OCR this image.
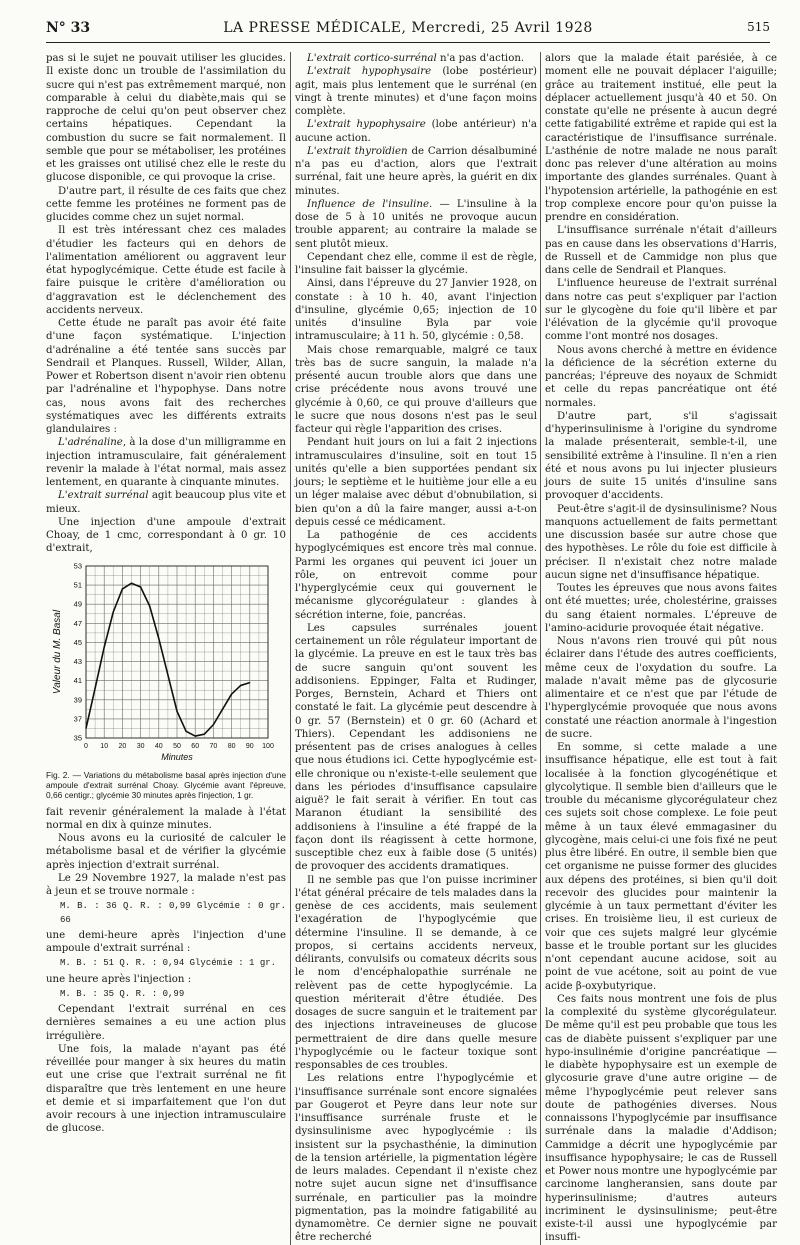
N° 33	LA PRESSE MÉDICALE, Mercredi, 25 Avril 1928	515

pas si le sujet ne pouvait utiliser les glucides. Il existe donc un trouble de l'assimilation du sucre qui n'est pas extrêmement marqué, non comparable à celui du diabète,mais qui se rapproche de celui qu'on peut observer chez certains hépatiques. Cependant la combustion du sucre se fait normalement. Il semble que pour se métaboliser, les protéines et les graisses ont utilisé chez elle le reste du glucose disponible, ce qui provoque la crise.

D'autre part, il résulte de ces faits que chez cette femme les protéines ne forment pas de glucides comme chez un sujet normal.

Il est très intéressant chez ces malades d'étudier les facteurs qui en dehors de l'alimentation améliorent ou aggravent leur état hypoglycémique. Cette étude est facile à faire puisque le critère d'amélioration ou d'aggravation est le déclenchement des accidents nerveux.

Cette étude ne paraît pas avoir été faite d'une façon systématique. L'injection d'adrénaline a été tentée sans succès par Sendrail et Planques. Russell, Wilder, Allan, Power et Robertson disent n'avoir rien obtenu par l'adrénaline et l'hypophyse. Dans notre cas, nous avons fait des recherches systématiques avec les différents extraits glandulaires :

L'adrénaline, à la dose d'un milligramme en injection intramusculaire, fait généralement revenir la malade à l'état normal, mais assez lentement, en quarante à cinquante minutes.

L'extrait surrénal agit beaucoup plus vite et mieux.

Une injection d'une ampoule d'extrait Choay, de 1 cmc, correspondant à 0 gr. 10 d'extrait,

0 10 20 30 40 50 60 70 80 90 100
35
37
39
41
43
45
47
49
51
53
Minutes
Valeur du M. Basal

Fig. 2. — Variations du métabolisme basal après injection d'une ampoule d'extrait surrénal Choay. Glycémie avant l'épreuve, 0,66 centigr.; glycémie 30 minutes après l'injection, 1 gr.

fait revenir généralement la malade à l'état normal en dix à quinze minutes.

Nous avons eu la curiosité de calculer le métabolisme basal et de vérifier la glycémie après injection d'extrait surrénal.

Le 29 Novembre 1927, la malade n'est pas à jeun et se trouve normale :

M. B. : 36 Q. R. : 0,99 Glycémie : 0 gr. 66

une demi-heure après l'injection d'une ampoule d'extrait surrénal :

M. B. : 51 Q. R. : 0,94 Glycémie : 1 gr.

une heure après l'injection :

M. B. : 35 Q. R. : 0,99

Cependant l'extrait surrénal en ces dernières semaines a eu une action plus irrégulière.

Une fois, la malade n'ayant pas été réveillée pour manger à six heures du matin eut une crise que l'extrait surrénal ne fit disparaître que très lentement en une heure et demie et si imparfaitement que l'on dut avoir recours à une injection intramusculaire de glucose.

L'extrait cortico-surrénal n'a pas d'action.

L'extrait hypophysaire (lobe postérieur) agit, mais plus lentement que le surrénal (en vingt à trente minutes) et d'une façon moins complète.

L'extrait hypophysaire (lobe antérieur) n'a aucune action.

L'extrait thyroïdien de Carrion désalbuminé n'a pas eu d'action, alors que l'extrait surrénal, fait une heure après, la guérit en dix minutes.

Influence de l'insuline. — L'insuline à la dose de 5 à 10 unités ne provoque aucun trouble apparent; au contraire la malade se sent plutôt mieux.

Cependant chez elle, comme il est de règle, l'insuline fait baisser la glycémie.

Ainsi, dans l'épreuve du 27 Janvier 1928, on constate : à 10 h. 40, avant l'injection d'insuline, glycémie 0,65; injection de 10 unités d'insuline Byla par voie intramusculaire; à 11 h. 50, glycémie : 0,58.

Mais chose remarquable, malgré ce taux très bas de sucre sanguin, la malade n'a présenté aucun trouble alors que dans une crise précédente nous avons trouvé une glycémie à 0,60, ce qui prouve d'ailleurs que le sucre que nous dosons n'est pas le seul facteur qui règle l'apparition des crises.

Pendant huit jours on lui a fait 2 injections intramusculaires d'insuline, soit en tout 15 unités qu'elle a bien supportées pendant six jours; le septième et le huitième jour elle a eu un léger malaise avec début d'obnubilation, si bien qu'on a dû la faire manger, aussi a-t-on depuis cessé ce médicament.

La pathogénie de ces accidents hypoglycémiques est encore très mal connue. Parmi les organes qui peuvent ici jouer un rôle, on entrevoit comme pour l'hyperglycémie ceux qui gouvernent le mécanisme glycorégulateur : glandes à sécrétion interne, foie, pancréas.

Les capsules surrénales jouent certainement un rôle régulateur important de la glycémie. La preuve en est le taux très bas de sucre sanguin qu'ont souvent les addisoniens. Eppinger, Falta et Rudinger, Porges, Bernstein, Achard et Thiers ont constaté le fait. La glycémie peut descendre à 0 gr. 57 (Bernstein) et 0 gr. 60 (Achard et Thiers). Cependant les addisoniens ne présentent pas de crises analogues à celles que nous étudions ici. Cette hypoglycémie est-elle chronique ou n'existe-t-elle seulement que dans les périodes d'insuffisance capsulaire aiguë? le fait serait à vérifier. En tout cas Maranon étudiant la sensibilité des addisoniens à l'insuline a été frappé de la façon dont ils réagissent à cette hormone, susceptible chez eux à faible dose (5 unités) de provoquer des accidents dramatiques.

Il ne semble pas que l'on puisse incriminer l'état général précaire de tels malades dans la genèse de ces accidents, mais seulement l'exagération de l'hypoglycémie que détermine l'insuline. Il se demande, à ce propos, si certains accidents nerveux, délirants, convulsifs ou comateux décrits sous le nom d'encéphalopathie surrénale ne relèvent pas de cette hypoglycémie. La question mériterait d'être étudiée. Des dosages de sucre sanguin et le traitement par des injections intraveineuses de glucose permettraient de dire dans quelle mesure l'hypoglycémie ou le facteur toxique sont responsables de ces troubles.

Les relations entre l'hypoglycémie et l'insuffisance surrénale sont encore signalées par Gougerot et Peyre dans leur note sur l'insuffisance surrénale fruste et le dysinsulinisme avec hypoglycémie : ils insistent sur la psychasthénie, la diminution de la tension artérielle, la pigmentation légère de leurs malades. Cependant il n'existe chez notre sujet aucun signe net d'insuffisance surrénale, en particulier pas la moindre pigmentation, pas la moindre fatigabilité au dynamomètre. Ce dernier signe ne pouvait être recherché

alors que la malade était parésiée, à ce moment elle ne pouvait déplacer l'aiguille; grâce au traitement institué, elle peut la déplacer actuellement jusqu'à 40 et 50. On constate qu'elle ne présente à aucun degré cette fatigabilité extrême et rapide qui est la caractéristique de l'insuffisance surrénale. L'asthénie de notre malade ne nous paraît donc pas relever d'une altération au moins importante des glandes surrénales. Quant à l'hypotension artérielle, la pathogénie en est trop complexe encore pour qu'on puisse la prendre en considération.

L'insuffisance surrénale n'était d'ailleurs pas en cause dans les observations d'Harris, de Russell et de Cammidge non plus que dans celle de Sendrail et Planques.

L'influence heureuse de l'extrait surrénal dans notre cas peut s'expliquer par l'action sur le glycogène du foie qu'il libère et par l'élévation de la glycémie qu'il provoque comme l'ont montré nos dosages.

Nous avons cherché à mettre en évidence la déficience de la sécrétion externe du pancréas; l'épreuve des noyaux de Schmidt et celle du repas pancréatique ont été normales.

D'autre part, s'il s'agissait d'hyperinsulinisme à l'origine du syndrome la malade présenterait, semble-t-il, une sensibilité extrême à l'insuline. Il n'en a rien été et nous avons pu lui injecter plusieurs jours de suite 15 unités d'insuline sans provoquer d'accidents.

Peut-être s'agit-il de dysinsulinisme? Nous manquons actuellement de faits permettant une discussion basée sur autre chose que des hypothèses. Le rôle du foie est difficile à préciser. Il n'existait chez notre malade aucun signe net d'insuffisance hépatique.

Toutes les épreuves que nous avons faites ont été muettes; urée, cholestérine, graisses du sang étaient normales. L'épreuve de l'amino-acidurie provoquée était négative.

Nous n'avons rien trouvé qui pût nous éclairer dans l'étude des autres coefficients, même ceux de l'oxydation du soufre. La malade n'avait même pas de glycosurie alimentaire et ce n'est que par l'étude de l'hyperglycémie provoquée que nous avons constaté une réaction anormale à l'ingestion de sucre.

En somme, si cette malade a une insuffisance hépatique, elle est tout à fait localisée à la fonction glycogénétique et glycolytique. Il semble bien d'ailleurs que le trouble du mécanisme glycorégulateur chez ces sujets soit chose complexe. Le foie peut même à un taux élevé emmagasiner du glycogène, mais celui-ci une fois fixé ne peut plus être libéré. En outre, il semble bien que cet organisme ne puisse former des glucides aux dépens des protéines, si bien qu'il doit recevoir des glucides pour maintenir la glycémie à un taux permettant d'éviter les crises. En troisième lieu, il est curieux de voir que ces sujets malgré leur glycémie basse et le trouble portant sur les glucides n'ont cependant aucune acidose, soit au point de vue acétone, soit au point de vue acide β-oxybutyrique.

Ces faits nous montrent une fois de plus la complexité du système glycorégulateur. De même qu'il est peu probable que tous les cas de diabète puissent s'expliquer par une hypo-insulinémie d'origine pancréatique — le diabète hypophysaire est un exemple de glycosurie grave d'une autre origine — de même l'hypoglycémie peut relever sans doute de pathogénies diverses. Nous connaissons l'hypoglycémie par insuffisance surrénale dans la maladie d'Addison; Cammidge a décrit une hypoglycémie par insuffisance hypophysaire; le cas de Russell et Power nous montre une hypoglycémie par carcinome langheransien, sans doute par hyperinsulinisme; d'autres auteurs incriminent le dysinsulinisme; peut-être existe-t-il aussi une hypoglycémie par insuffi-
